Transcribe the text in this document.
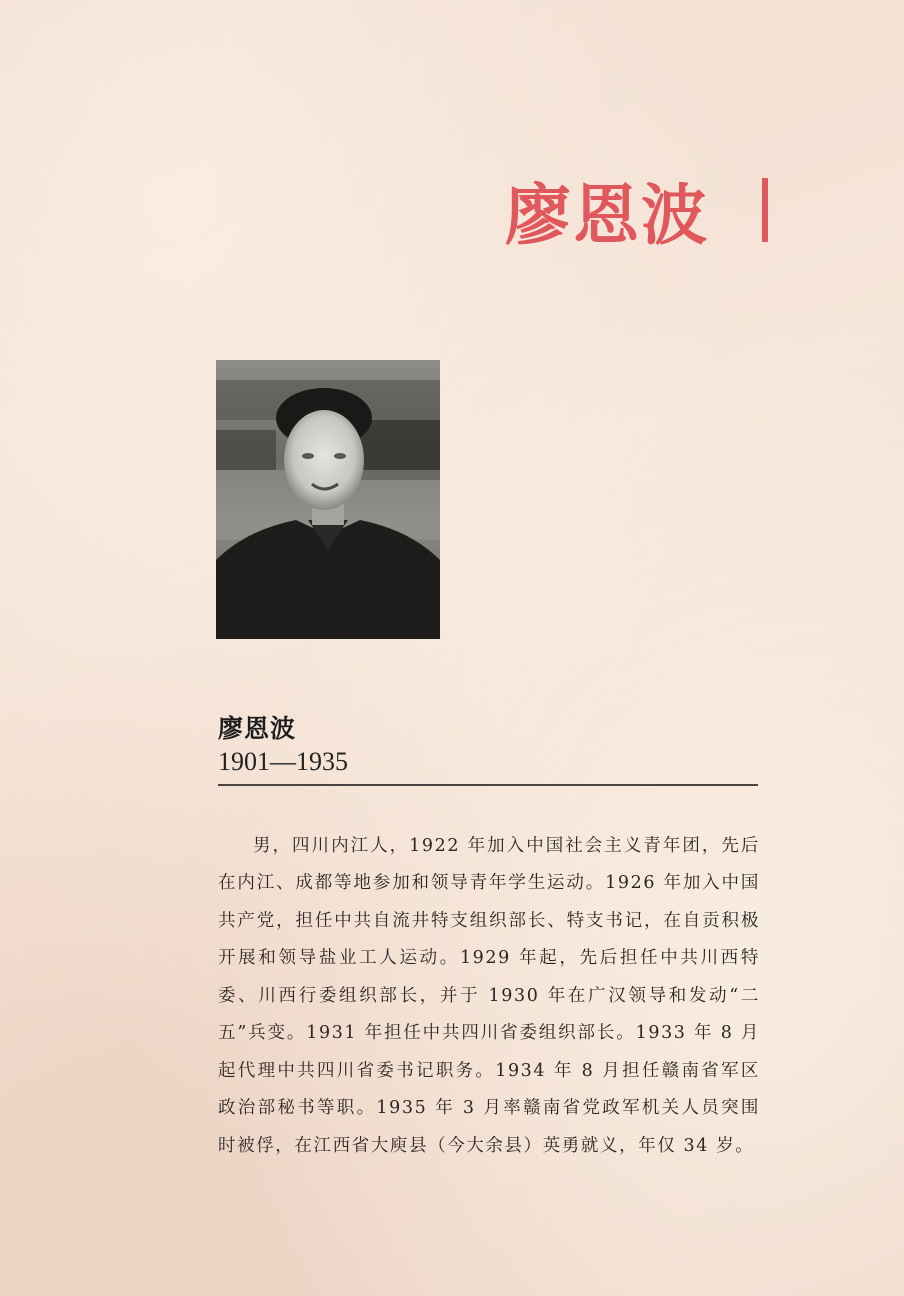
廖恩波
廖恩波
1901—1935

男，四川内江人，1922 年加入中国社会主义青年团，先后在内江、成都等地参加和领导青年学生运动。1926 年加入中国共产党，担任中共自流井特支组织部长、特支书记，在自贡积极开展和领导盐业工人运动。1929 年起，先后担任中共川西特委、川西行委组织部长，并于 1930 年在广汉领导和发动“二五”兵变。1931 年担任中共四川省委组织部长。1933 年 8 月起代理中共四川省委书记职务。1934 年 8 月担任赣南省军区政治部秘书等职。1935 年 3 月率赣南省党政军机关人员突围时被俘，在江西省大庾县（今大余县）英勇就义，年仅 34 岁。
